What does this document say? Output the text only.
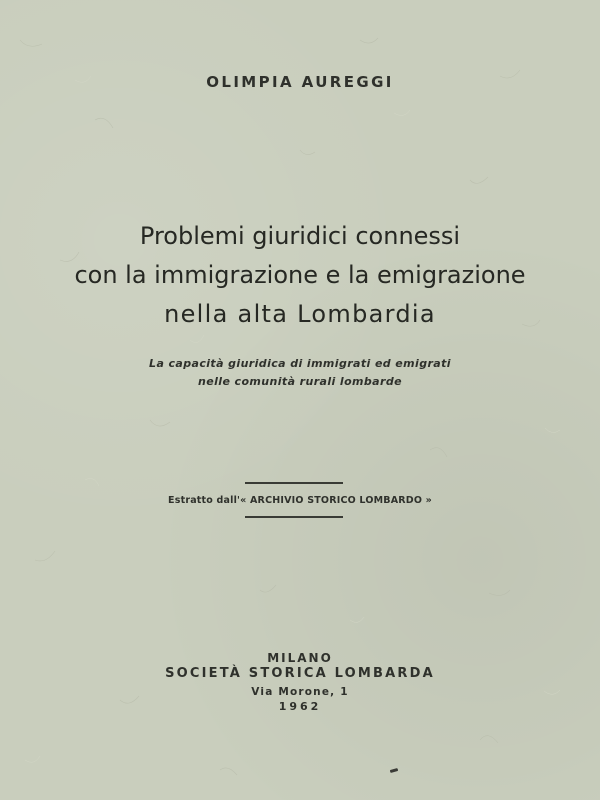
OLIMPIA AUREGGI
Problemi giuridici connessi
con la immigrazione e la emigrazione
nella alta Lombardia
La capacità giuridica di immigrati ed emigrati
nelle comunità rurali lombarde
Estratto dall'« ARCHIVIO STORICO LOMBARDO »
MILANO
SOCIETÀ STORICA LOMBARDA
Via Morone, 1
1962
